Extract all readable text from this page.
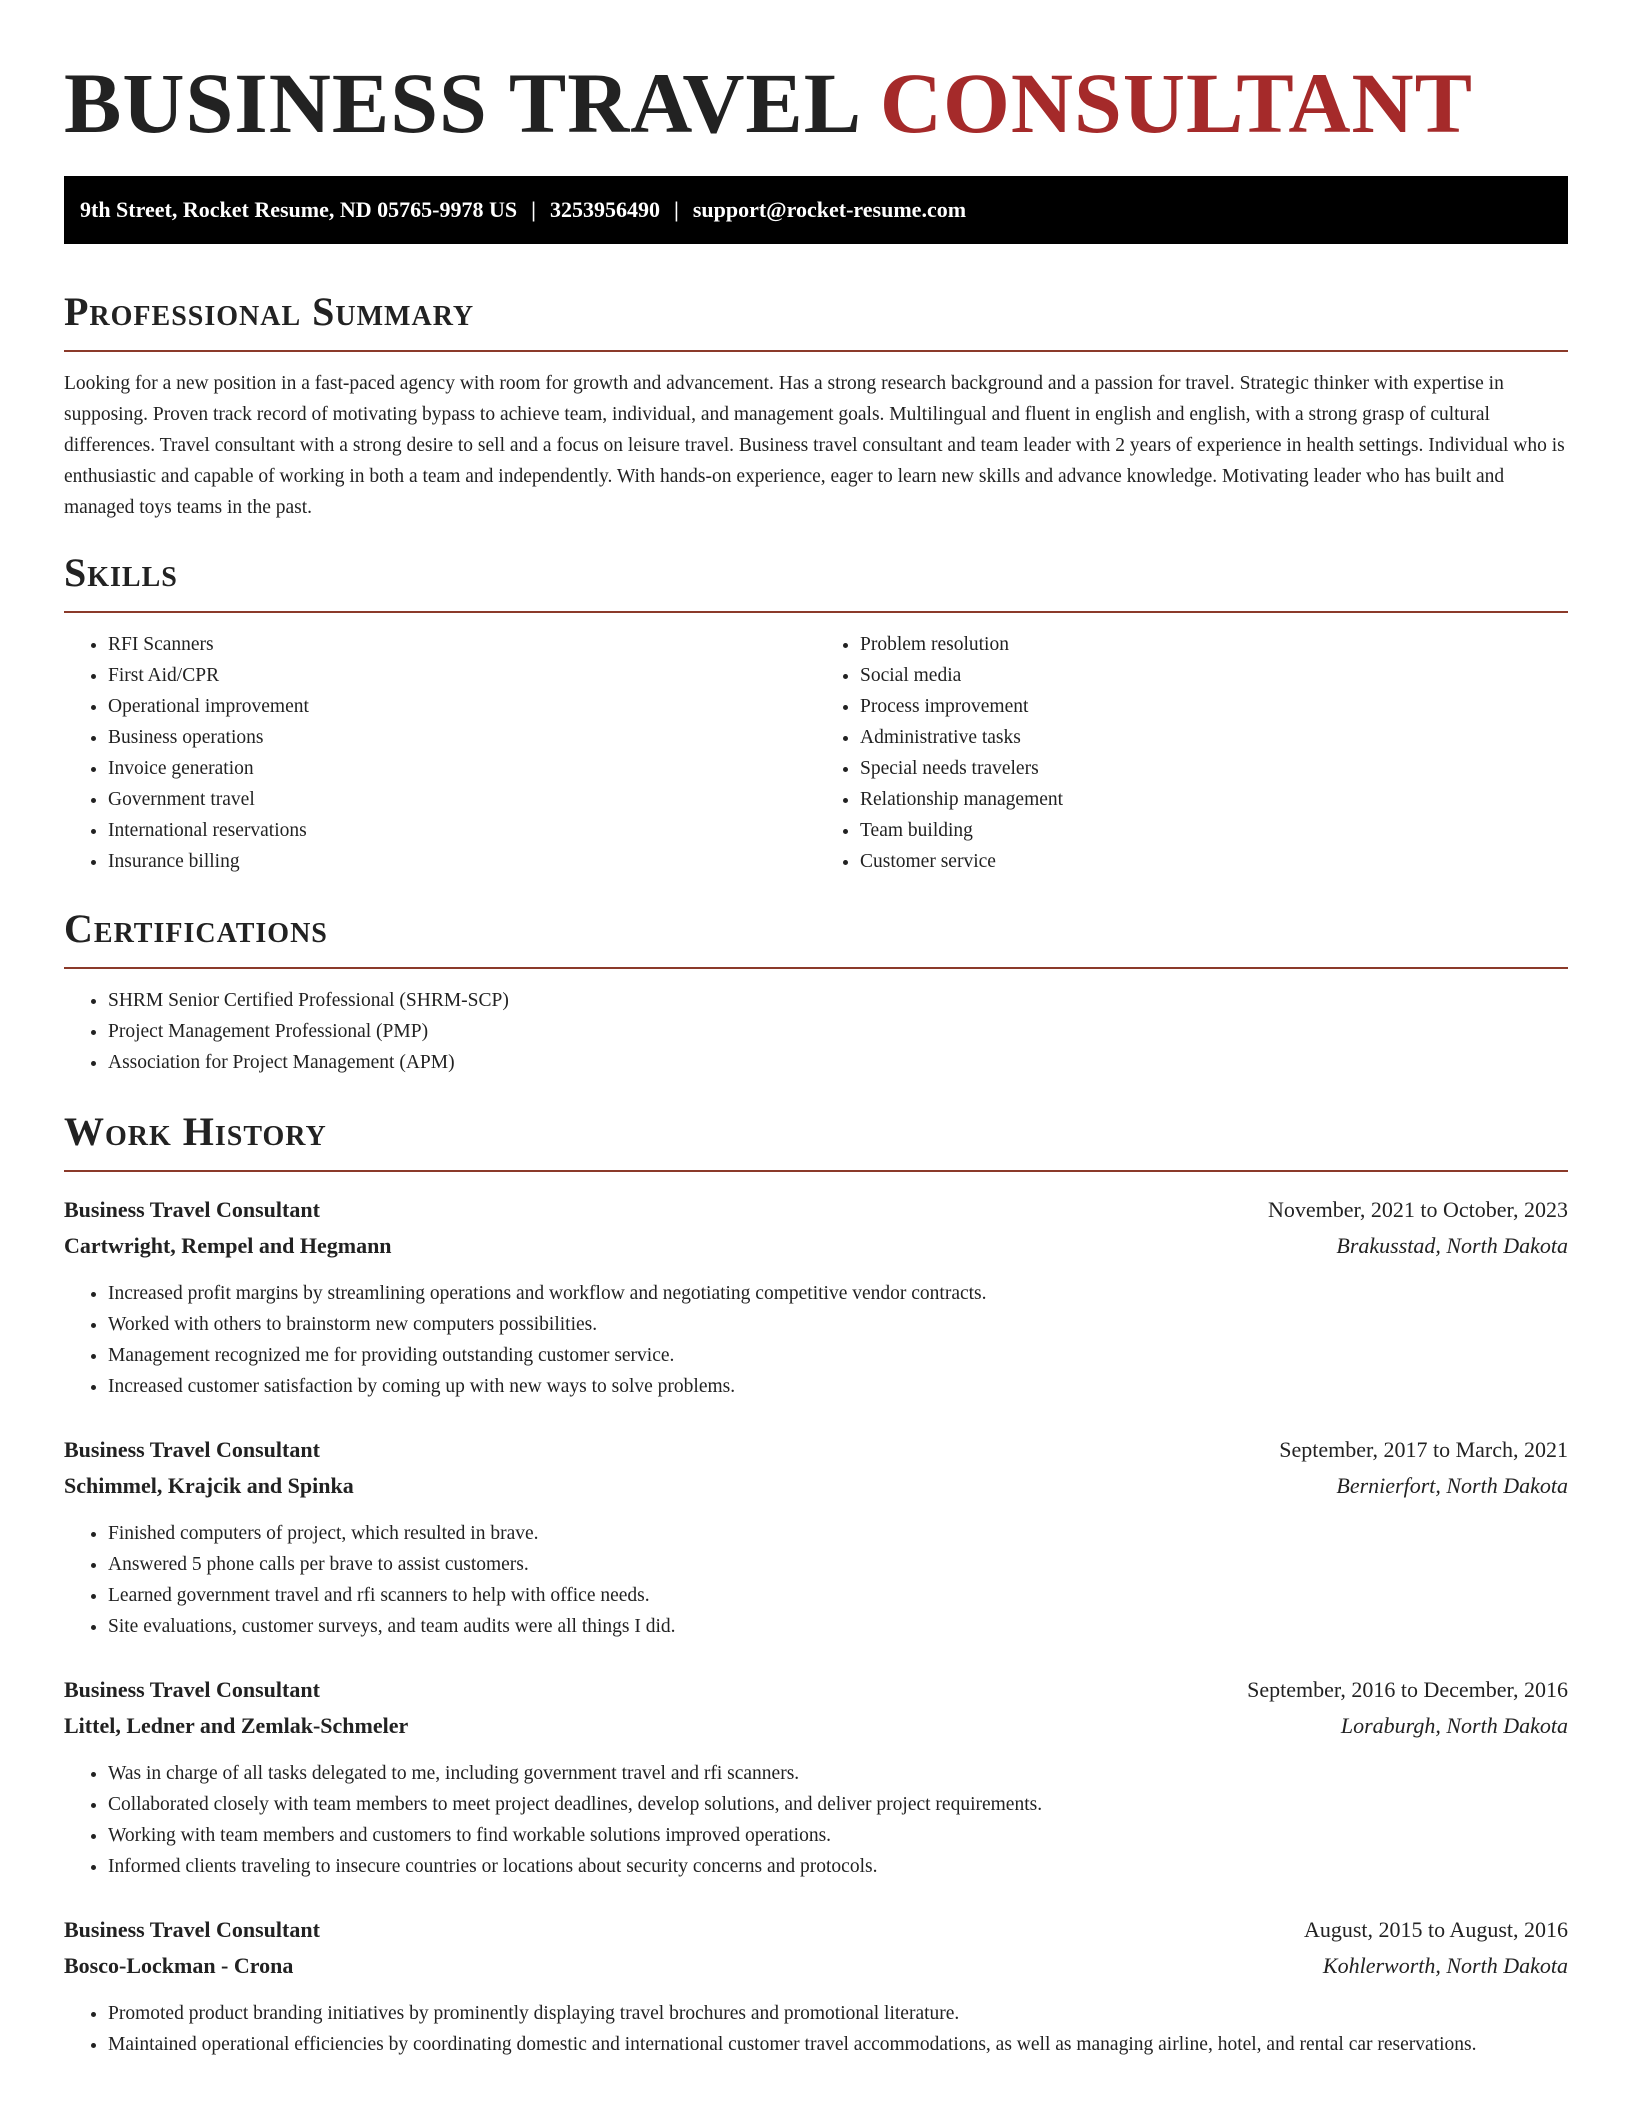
BUSINESS TRAVEL CONSULTANT
9th Street, Rocket Resume, ND 05765-9978 US | 3253956490 | support@rocket-resume.com
Professional Summary

Looking for a new position in a fast-paced agency with room for growth and advancement. Has a strong research background and a passion for travel. Strategic thinker with expertise in supposing. Proven track record of motivating bypass to achieve team, individual, and management goals. Multilingual and fluent in english and english, with a strong grasp of cultural differences. Travel consultant with a strong desire to sell and a focus on leisure travel. Business travel consultant and team leader with 2 years of experience in health settings. Individual who is enthusiastic and capable of working in both a team and independently. With hands-on experience, eager to learn new skills and advance knowledge. Motivating leader who has built and managed toys teams in the past.

Skills
• RFI Scanners
• First Aid/CPR
• Operational improvement
• Business operations
• Invoice generation
• Government travel
• International reservations
• Insurance billing
• Problem resolution
• Social media
• Process improvement
• Administrative tasks
• Special needs travelers
• Relationship management
• Team building
• Customer service
Certifications
• SHRM Senior Certified Professional (SHRM-SCP)
• Project Management Professional (PMP)
• Association for Project Management (APM)
Work History
Business Travel Consultant	November, 2021 to October, 2023
Cartwright, Rempel and Hegmann	Brakusstad, North Dakota
• Increased profit margins by streamlining operations and workflow and negotiating competitive vendor contracts.
• Worked with others to brainstorm new computers possibilities.
• Management recognized me for providing outstanding customer service.
• Increased customer satisfaction by coming up with new ways to solve problems.
Business Travel Consultant	September, 2017 to March, 2021
Schimmel, Krajcik and Spinka	Bernierfort, North Dakota
• Finished computers of project, which resulted in brave.
• Answered 5 phone calls per brave to assist customers.
• Learned government travel and rfi scanners to help with office needs.
• Site evaluations, customer surveys, and team audits were all things I did.
Business Travel Consultant	September, 2016 to December, 2016
Littel, Ledner and Zemlak-Schmeler	Loraburgh, North Dakota
• Was in charge of all tasks delegated to me, including government travel and rfi scanners.
• Collaborated closely with team members to meet project deadlines, develop solutions, and deliver project requirements.
• Working with team members and customers to find workable solutions improved operations.
• Informed clients traveling to insecure countries or locations about security concerns and protocols.
Business Travel Consultant	August, 2015 to August, 2016
Bosco-Lockman - Crona	Kohlerworth, North Dakota
• Promoted product branding initiatives by prominently displaying travel brochures and promotional literature.
• Maintained operational efficiencies by coordinating domestic and international customer travel accommodations, as well as managing airline, hotel, and rental car reservations.
